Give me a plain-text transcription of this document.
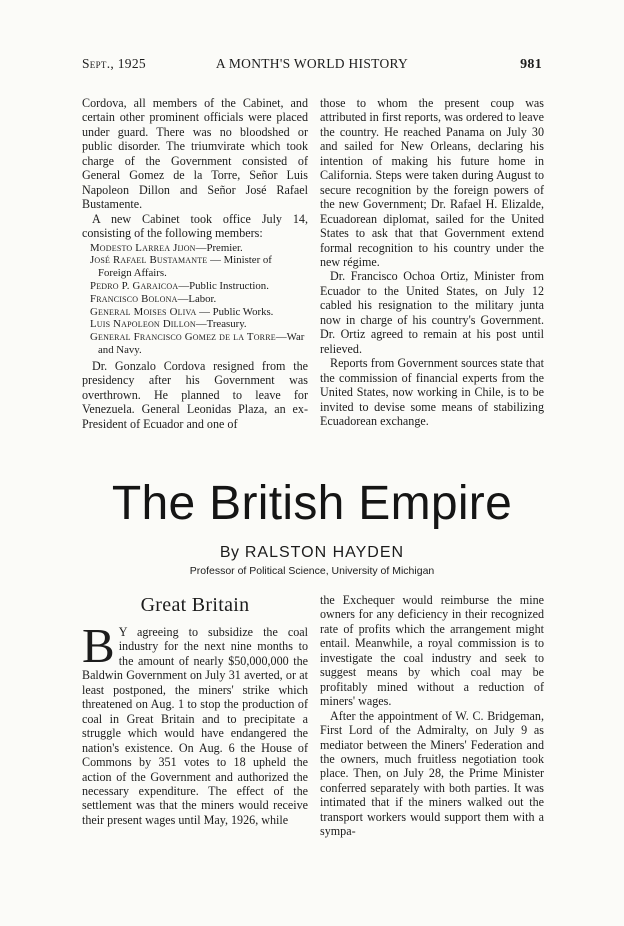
Sept., 1925	A MONTH'S WORLD HISTORY	981

Cordova, all members of the Cabinet, and certain other prominent officials were placed under guard. There was no bloodshed or public disorder. The triumvirate which took charge of the Government consisted of General Gomez de la Torre, Señor Luis Napoleon Dillon and Señor José Rafael Bustamente.

A new Cabinet took office July 14, consisting of the following members:

Modesto Larrea Jijon—Premier.
José Rafael Bustamante — Minister of Foreign Affairs.
Pedro P. Garaicoa—Public Instruction.
Francisco Bolona—Labor.
General Moises Oliva — Public Works.
Luis Napoleon Dillon—Treasury.
General Francisco Gomez de la Torre—War and Navy.

Dr. Gonzalo Cordova resigned from the presidency after his Government was overthrown. He planned to leave for Venezuela. General Leonidas Plaza, an ex-President of Ecuador and one of

those to whom the present coup was attributed in first reports, was ordered to leave the country. He reached Panama on July 30 and sailed for New Orleans, declaring his intention of making his future home in California. Steps were taken during August to secure recognition by the foreign powers of the new Government; Dr. Rafael H. Elizalde, Ecuadorean diplomat, sailed for the United States to ask that that Government extend formal recognition to his country under the new régime.

Dr. Francisco Ochoa Ortiz, Minister from Ecuador to the United States, on July 12 cabled his resignation to the military junta now in charge of his country's Government. Dr. Ortiz agreed to remain at his post until relieved.

Reports from Government sources state that the commission of financial experts from the United States, now working in Chile, is to be invited to devise some means of stabilizing Ecuadorean exchange.

The British Empire
By RALSTON HAYDEN
Professor of Political Science, University of Michigan
Great Britain

B Y agreeing to subsidize the coal industry for the next nine months to the amount of nearly $50,000,000 the Baldwin Government on July 31 averted, or at least postponed, the miners' strike which threatened on Aug. 1 to stop the production of coal in Great Britain and to precipitate a struggle which would have endangered the nation's existence. On Aug. 6 the House of Commons by 351 votes to 18 upheld the action of the Government and authorized the necessary expenditure. The effect of the settlement was that the miners would receive their present wages until May, 1926, while

the Exchequer would reimburse the mine owners for any deficiency in their recognized rate of profits which the arrangement might entail. Meanwhile, a royal commission is to investigate the coal industry and seek to suggest means by which coal may be profitably mined without a reduction of miners' wages.

After the appointment of W. C. Bridgeman, First Lord of the Admiralty, on July 9 as mediator between the Miners' Federation and the owners, much fruitless negotiation took place. Then, on July 28, the Prime Minister conferred separately with both parties. It was intimated that if the miners walked out the transport workers would support them with a sympa-
